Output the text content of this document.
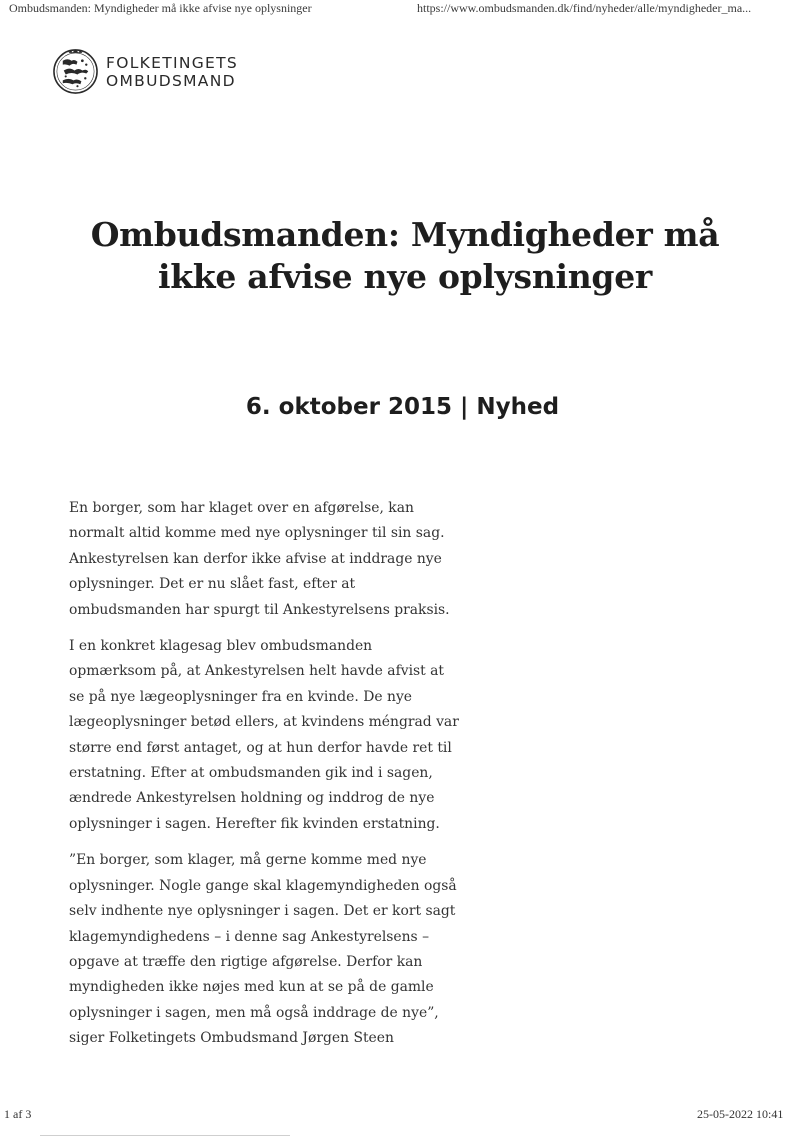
Ombudsmanden: Myndigheder må ikke afvise nye oplysninger	https://www.ombudsmanden.dk/find/nyheder/alle/myndigheder_ma...
FOLKETINGETS
OMBUDSMAND
Ombudsmanden: Myndigheder må
ikke afvise nye oplysninger
6. oktober 2015 | Nyhed

En borger, som har klaget over en afgørelse, kan normalt altid komme med nye oplysninger til sin sag. Ankestyrelsen kan derfor ikke afvise at inddrage nye oplysninger. Det er nu slået fast, efter at ombudsmanden har spurgt til Ankestyrelsens praksis.

I en konkret klagesag blev ombudsmanden opmærksom på, at Ankestyrelsen helt havde afvist at se på nye lægeoplysninger fra en kvinde. De nye lægeoplysninger betød ellers, at kvindens méngrad var større end først antaget, og at hun derfor havde ret til erstatning. Efter at ombudsmanden gik ind i sagen, ændrede Ankestyrelsen holdning og inddrog de nye oplysninger i sagen. Herefter fik kvinden erstatning.

”En borger, som klager, må gerne komme med nye oplysninger. Nogle gange skal klagemyndigheden også selv indhente nye oplysninger i sagen. Det er kort sagt klagemyndighedens – i denne sag Ankestyrelsens – opgave at træffe den rigtige afgørelse. Derfor kan myndigheden ikke nøjes med kun at se på de gamle oplysninger i sagen, men må også inddrage de nye”, siger Folketingets Ombudsmand Jørgen Steen

1 af 3	25-05-2022 10:41
